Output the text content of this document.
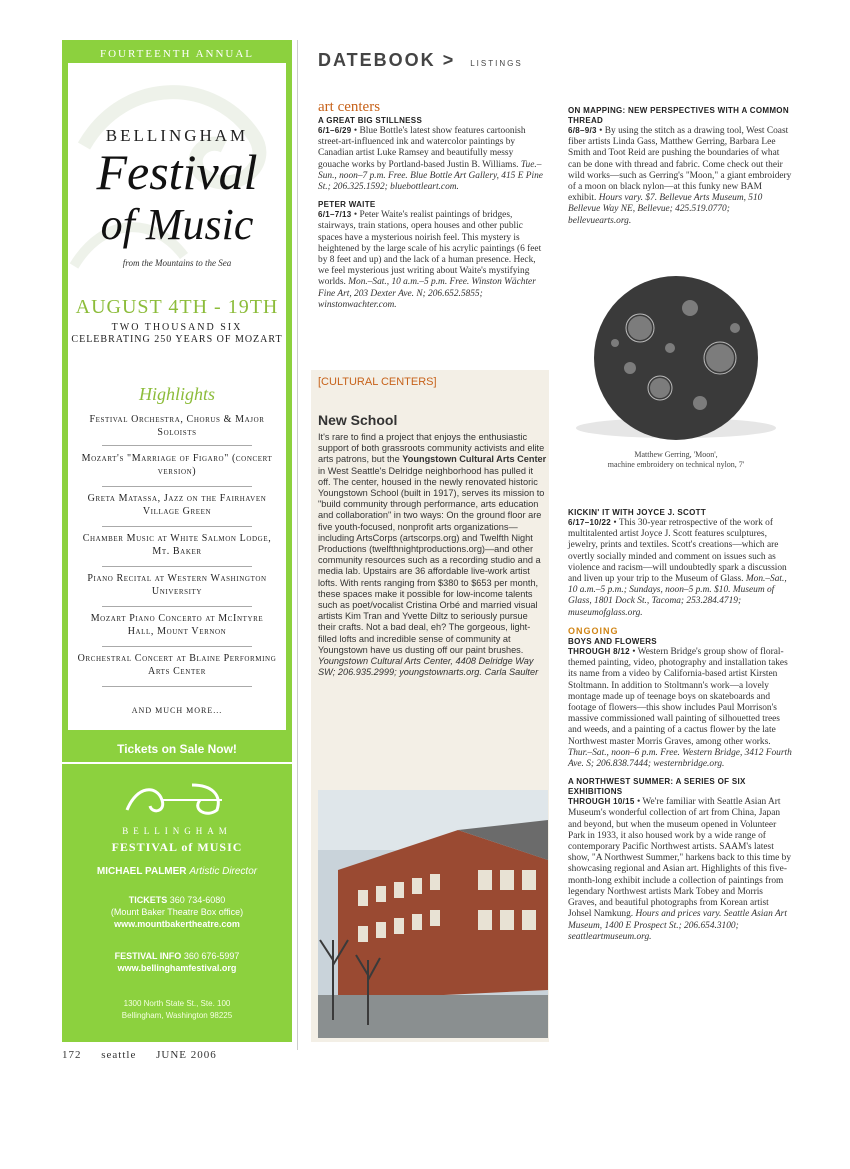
FOURTEENTH ANNUAL
BELLINGHAM
Festival
of Music
from the Mountains to the Sea
AUGUST 4TH - 19TH
TWO THOUSAND SIX
CELEBRATING 250 YEARS OF MOZART
Highlights
Festival Orchestra, Chorus & Major Soloists
Mozart's "Marriage of Figaro" (concert version)
Greta Matassa, Jazz on the Fairhaven Village Green
Chamber Music at White Salmon Lodge, Mt. Baker
Piano Recital at Western Washington University
Mozart Piano Concerto at McIntyre Hall, Mount Vernon
Orchestral Concert at Blaine Performing Arts Center
AND MUCH MORE...
Tickets on Sale Now!
BELLINGHAM
FESTIVAL of MUSIC
MICHAEL PALMER Artistic Director
TICKETS 360 734-6080
(Mount Baker Theatre Box office)
www.mountbakertheatre.com
FESTIVAL INFO 360 676-5997
www.bellinghamfestival.org
1300 North State St., Ste. 100
Bellingham, Washington 98225
172 seattle JUNE 2006
DATEBOOK > LISTINGS
art centers
A GREAT BIG STILLNESS

6/1–6/29 • Blue Bottle's latest show features cartoonish street-art-influenced ink and watercolor paintings by Canadian artist Luke Ramsey and beautifully messy gouache works by Portland-based Justin B. Williams. Tue.–Sun., noon–7 p.m. Free. Blue Bottle Art Gallery, 415 E Pine St.; 206.325.1592; bluebottleart.com.

PETER WAITE

6/1–7/13 • Peter Waite's realist paintings of bridges, stairways, train stations, opera houses and other public spaces have a mysterious noirish feel. This mystery is heightened by the large scale of his acrylic paintings (6 feet by 8 feet and up) and the lack of a human presence. Heck, we feel mysterious just writing about Waite's mystifying worlds. Mon.–Sat., 10 a.m.–5 p.m. Free. Winston Wächter Fine Art, 203 Dexter Ave. N; 206.652.5855; winstonwachter.com.

[CULTURAL CENTERS]
New School
It's rare to find a project that enjoys the enthusiastic support of both grassroots community activists and elite arts patrons, but the Youngstown Cultural Arts Center in West Seattle's Delridge neighborhood has pulled it off. The center, housed in the newly renovated historic Youngstown School (built in 1917), serves its mission to "build community through performance, arts education and collaboration" in two ways: On the ground floor are five youth-focused, nonprofit arts organizations—including ArtsCorps (artscorps.org) and Twelfth Night Productions (twelfthnightproductions.org)—and other community resources such as a recording studio and a media lab. Upstairs are 36 affordable live-work artist lofts. With rents ranging from $380 to $653 per month, these spaces make it possible for low-income talents such as poet/vocalist Cristina Orbé and married visual artists Kim Tran and Yvette Diltz to seriously pursue their crafts. Not a bad deal, eh? The gorgeous, light-filled lofts and incredible sense of community at Youngstown have us dusting off our paint brushes. Youngstown Cultural Arts Center, 4408 Delridge Way SW; 206.935.2999; youngstownarts.org. Carla Saulter
ON MAPPING: NEW PERSPECTIVES WITH A COMMON THREAD

6/8–9/3 • By using the stitch as a drawing tool, West Coast fiber artists Linda Gass, Matthew Gerring, Barbara Lee Smith and Toot Reid are pushing the boundaries of what can be done with thread and fabric. Come check out their wild works—such as Gerring's "Moon," a giant embroidery of a moon on black nylon—at this funky new BAM exhibit. Hours vary. $7. Bellevue Arts Museum, 510 Bellevue Way NE, Bellevue; 425.519.0770; bellevuearts.org.

Matthew Gerring, 'Moon',
machine embroidery on technical nylon, 7'
KICKIN' IT WITH JOYCE J. SCOTT

6/17–10/22 • This 30-year retrospective of the work of multitalented artist Joyce J. Scott features sculptures, jewelry, prints and textiles. Scott's creations—which are overtly socially minded and comment on issues such as violence and racism—will undoubtedly spark a discussion and liven up your trip to the Museum of Glass. Mon.–Sat., 10 a.m.–5 p.m.; Sundays, noon–5 p.m. $10. Museum of Glass, 1801 Dock St., Tacoma; 253.284.4719; museumofglass.org.

ONGOING
BOYS AND FLOWERS

THROUGH 8/12 • Western Bridge's group show of floral-themed painting, video, photography and installation takes its name from a video by California-based artist Kirsten Stoltmann. In addition to Stoltmann's work—a lovely montage made up of teenage boys on skateboards and footage of flowers—this show includes Paul Morrison's massive commissioned wall painting of silhouetted trees and weeds, and a painting of a cactus flower by the late Northwest master Morris Graves, among other works. Thur.–Sat., noon–6 p.m. Free. Western Bridge, 3412 Fourth Ave. S; 206.838.7444; westernbridge.org.

A NORTHWEST SUMMER: A SERIES OF SIX EXHIBITIONS

THROUGH 10/15 • We're familiar with Seattle Asian Art Museum's wonderful collection of art from China, Japan and beyond, but when the museum opened in Volunteer Park in 1933, it also housed work by a wide range of contemporary Pacific Northwest artists. SAAM's latest show, "A Northwest Summer," harkens back to this time by showcasing regional and Asian art. Highlights of this five-month-long exhibit include a collection of paintings from legendary Northwest artists Mark Tobey and Morris Graves, and beautiful photographs from Korean artist Johsel Namkung. Hours and prices vary. Seattle Asian Art Museum, 1400 E Prospect St.; 206.654.3100; seattleartmuseum.org.
